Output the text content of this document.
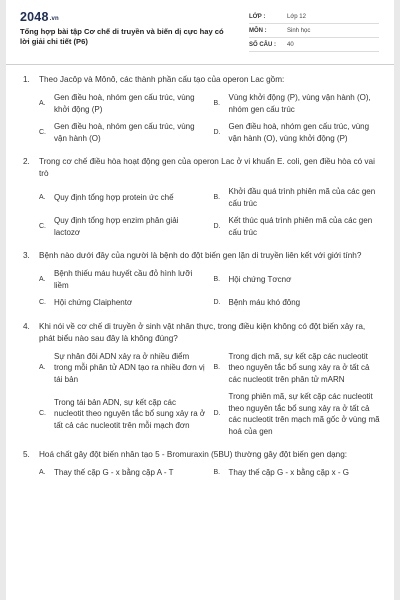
2048.vn
Tổng hợp bài tập Cơ chế di truyền và biến dị cực hay có lời giải chi tiết (P6)
LỚP :	Lớp 12
MÔN :	Sinh học
SỐ CÂU :	40
1.	Theo Jacôp và Mônô, các thành phần cấu tạo của operon Lac gồm:
A.
Gen điều hoà, nhóm gen cấu trúc, vùng khởi động (P)
B.
Vùng khởi động (P), vùng vận hành (O), nhóm gen cấu trúc
C.
Gen điều hoà, nhóm gen cấu trúc, vùng vận hành (O)
D.
Gen điều hoà, nhóm gen cấu trúc, vùng vận hành (O), vùng khởi động (P)
2.	Trong cơ chế điều hòa hoạt động gen của operon Lac ở vi khuẩn E. coli, gen điều hòa có vai trò
A.	Quy định tổng hợp protein ức chế	B.
Khởi đầu quá trình phiên mã của các gen cấu trúc
C.
Quy định tổng hợp enzim phân giải lactozơ
D.
Kết thúc quá trình phiên mã của các gen cấu trúc
3.	Bệnh nào dưới đây của người là bệnh do đột biến gen lặn di truyền liên kết với giới tính?
A.
Bệnh thiếu máu huyết cầu đỏ hình lưỡi liềm
B.	Hội chứng Tơcnơ
C.	Hội chứng Claiphentơ	D.	Bệnh máu khó đông
4.	Khi nói về cơ chế di truyền ở sinh vật nhân thực, trong điều kiện không có đột biến xảy ra, phát biểu nào sau đây là không đúng?
A.
Sự nhân đôi ADN xảy ra ở nhiều điểm trong mỗi phân tử ADN tạo ra nhiều đơn vị tái bản
B.
Trong dịch mã, sự kết cặp các nucleotit theo nguyên tắc bổ sung xảy ra ở tất cả các nucleotit trên phân tử mARN
C.
Trong tái bản ADN, sự kết cặp các nucleotit theo nguyên tắc bổ sung xảy ra ở tất cả các nucleotit trên mỗi mạch đơn
D.
Trong phiên mã, sự kết cặp các nucleotit theo nguyên tắc bổ sung xảy ra ở tất cả các nucleotit trên mạch mã gốc ở vùng mã hoá của gen
5.	Hoá chất gây đột biến nhân tạo 5 - Bromuraxin (5BU) thường gây đột biến gen dạng:
A.	Thay thế cặp G - x bằng cặp A - T	B.	Thay thế cặp G - x bằng cặp x - G
